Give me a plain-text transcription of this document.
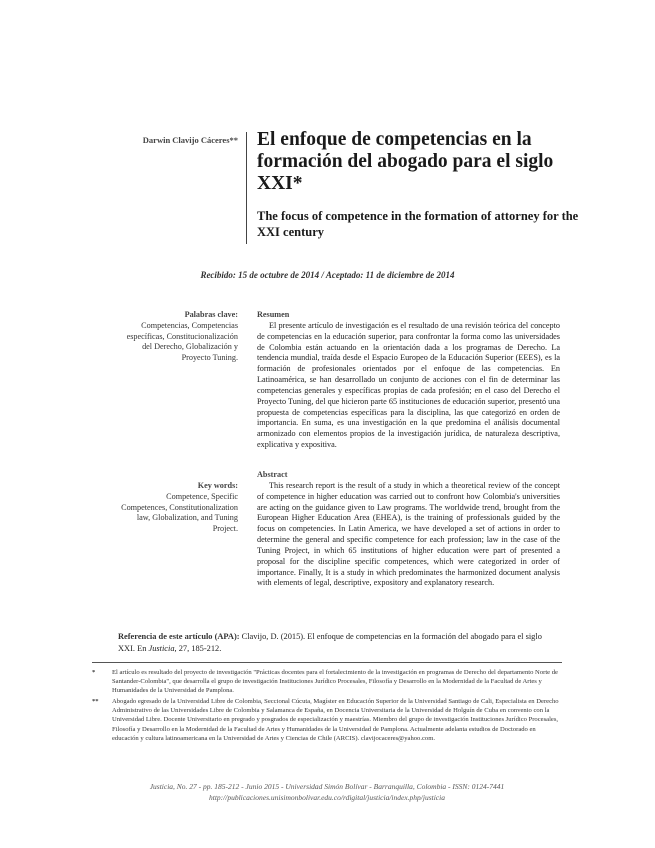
Darwin Clavijo Cáceres** El enfoque de competencias en la formación del abogado para el siglo XXI*
The focus of competence in the formation of attorney for the XXI century
Recibido: 15 de octubre de 2014 / Aceptado: 11 de diciembre de 2014
Palabras clave:
Competencias, Competencias específicas, Constitucionalización del Derecho, Globalización y Proyecto Tuning.
Resumen

El presente artículo de investigación es el resultado de una revisión teórica del concepto de competencias en la educación superior, para confrontar la forma como las universidades de Colombia están actuando en la orientación dada a los programas de Derecho. La tendencia mundial, traída desde el Espacio Europeo de la Educación Superior (EEES), es la formación de profesionales orientados por el enfoque de las competencias. En Latinoamérica, se han desarrollado un conjunto de acciones con el fin de determinar las competencias generales y específicas propias de cada profesión; en el caso del Derecho el Proyecto Tuning, del que hicieron parte 65 instituciones de educación superior, presentó una propuesta de competencias específicas para la disciplina, las que categorizó en orden de importancia. En suma, es una investigación en la que predomina el análisis documental armonizado con elementos propios de la investigación jurídica, de naturaleza descriptiva, explicativa y expositiva.

Key words:
Competence, Specific Competences, Constitutionalization law, Globalization, and Tuning Project.
Abstract

This research report is the result of a study in which a theoretical review of the concept of competence in higher education was carried out to confront how Colombia's universities are acting on the guidance given to Law programs. The worldwide trend, brought from the European Higher Education Area (EHEA), is the training of professionals guided by the focus on competencies. In Latin America, we have developed a set of actions in order to determine the general and specific competence for each profession; law in the case of the Tuning Project, in which 65 institutions of higher education were part of presented a proposal for the discipline specific competences, which were categorized in order of importance. Finally, It is a study in which predominates the harmonized document analysis with elements of legal, descriptive, expository and explanatory research.

Referencia de este artículo (APA): Clavijo, D. (2015). El enfoque de competencias en la formación del abogado para el siglo XXI. En Justicia, 27, 185-212.
*	El artículo es resultado del proyecto de investigación "Prácticas docentes para el fortalecimiento de la investigación en programas de Derecho del departamento Norte de Santander-Colombia", que desarrolla el grupo de investigación Instituciones Jurídico Procesales, Filosofía y Desarrollo en la Modernidad de la Facultad de Artes y Humanidades de la Universidad de Pamplona.
**	Abogado egresado de la Universidad Libre de Colombia, Seccional Cúcuta, Magíster en Educación Superior de la Universidad Santiago de Cali, Especialista en Derecho Administrativo de las Universidades Libre de Colombia y Salamanca de España, en Docencia Universitaria de la Universidad de Holguín de Cuba en convenio con la Universidad Libre. Docente Universitario en pregrado y posgrados de especialización y maestrías. Miembro del grupo de investigación Instituciones Jurídico Procesales, Filosofía y Desarrollo en la Modernidad de la Facultad de Artes y Humanidades de la Universidad de Pamplona. Actualmente adelanta estudios de Doctorado en educación y cultura latinoamericana en la Universidad de Artes y Ciencias de Chile (ARCIS). clavijocaceres@yahoo.com.
Justicia, No. 27 - pp. 185-212 - Junio 2015 - Universidad Simón Bolívar - Barranquilla, Colombia - ISSN: 0124-7441
http://publicaciones.unisimonbolivar.edu.co/rdigital/justicia/index.php/justicia
